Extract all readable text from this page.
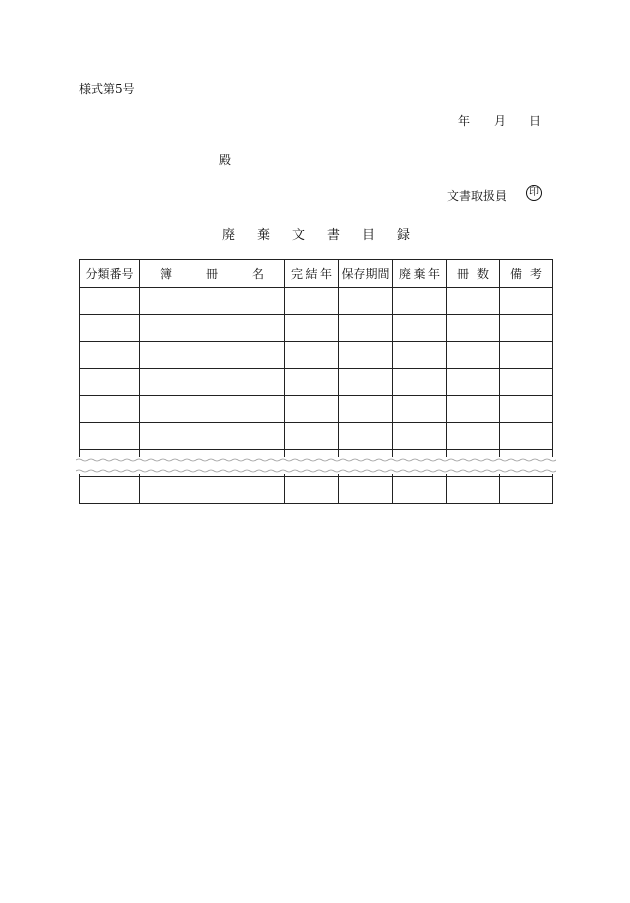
様式第5号
年 月 日
殿
文書取扱員	印
廃 棄 文 書 目 録
分類番号	簿 冊 名	完 結 年	保存期間	廃 棄 年	冊 数	備 考
